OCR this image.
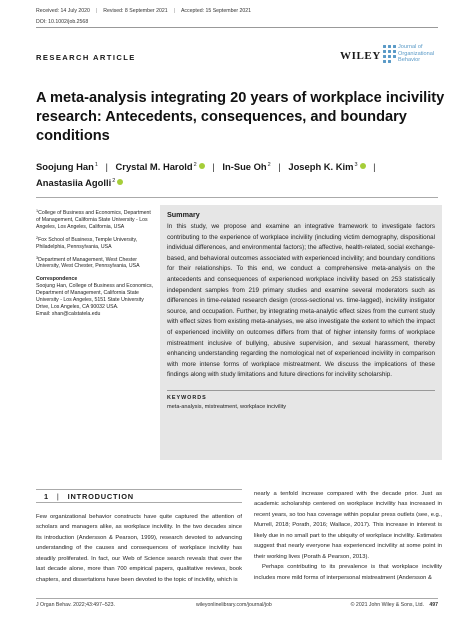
Received: 14 July 2020 | Revised: 8 September 2021 | Accepted: 15 September 2021
DOI: 10.1002/job.2568
RESEARCH ARTICLE	WILEY
Journal of
Organizational
Behavior
A meta-analysis integrating 20 years of workplace incivility research: Antecedents, consequences, and boundary conditions
Soojung Han$^1$ | Crystal M. Harold$^2$ | In-Sue Oh$^2$ | Joseph K. Kim$^3$ |
Anastasiia Agolli$^2$

$^1$College of Business and Economics, Department of Management, California State University - Los Angeles, Los Angeles, California, USA

$^2$Fox School of Business, Temple University, Philadelphia, Pennsylvania, USA

$^3$Department of Management, West Chester University, West Chester, Pennsylvania, USA

Correspondence

Soojung Han, College of Business and Economics, Department of Management, California State University - Los Angeles, 5151 State University Drive, Los Angeles, CA 90032 USA.

Email: shan@calstatela.edu

Summary
In this study, we propose and examine an integrative framework to investigate factors contributing to the experience of workplace incivility (including victim demography, dispositional individual differences, and environmental factors); the affective, health-related, social exchange-based, and behavioral outcomes associated with experienced incivility; and boundary conditions for their relationships. To this end, we conduct a comprehensive meta-analysis on the antecedents and consequences of experienced workplace incivility based on 253 statistically independent samples from 219 primary studies and examine several moderators such as differences in time-related research design (cross-sectional vs. time-lagged), incivility instigator source, and occupation. Further, by integrating meta-analytic effect sizes from the current study with effect sizes from existing meta-analyses, we also investigate the extent to which the impact of experienced incivility on outcomes differs from that of higher intensity forms of workplace mistreatment inclusive of bullying, abusive supervision, and sexual harassment, thereby enhancing understanding regarding the nomological net of experienced incivility in comparison with more intense forms of workplace mistreatment. We discuss the implications of these findings along with study limitations and future directions for incivility scholarship.
KEYWORDS
meta-analysis, mistreatment, workplace incivility
1 | INTRODUCTION
Few organizational behavior constructs have quite captured the attention of scholars and managers alike, as workplace incivility. In the two decades since its introduction (Andersson & Pearson, 1999), research devoted to advancing understanding of the causes and consequences of workplace incivility has steadily proliferated. In fact, our Web of Science search reveals that over the last decade alone, more than 700 empirical papers, qualitative reviews, book chapters, and dissertations have been devoted to the topic of incivility, which is

nearly a tenfold increase compared with the decade prior. Just as academic scholarship centered on workplace incivility has increased in recent years, so too has coverage within popular press outlets (see, e.g., Murrell, 2018; Porath, 2016; Wallace, 2017). This increase in interest is likely due in no small part to the ubiquity of workplace incivility. Estimates suggest that nearly everyone has experienced incivility at some point in their working lives (Porath & Pearson, 2013).

Perhaps contributing to its prevalence is that workplace incivility includes more mild forms of interpersonal mistreatment (Andersson &

J Organ Behav. 2022;43:497–523.	wileyonlinelibrary.com/journal/job	© 2021 John Wiley & Sons, Ltd. 497
